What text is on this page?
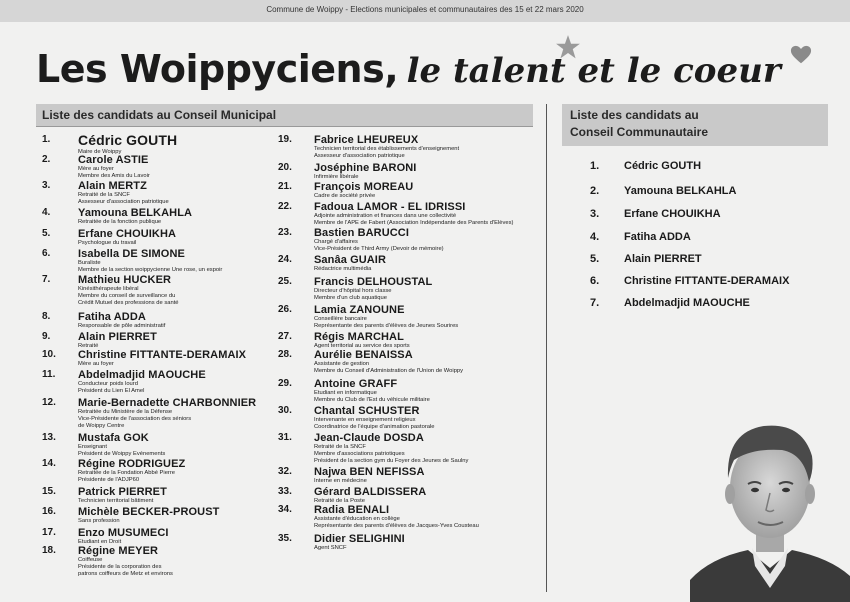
Commune de Woippy - Elections municipales et communautaires des 15 et 22 mars 2020
Les Woippyciens, le talent et le coeur
Liste des candidats au Conseil Municipal	Liste des candidats au
Conseil Communautaire
1. Cédric GOUTH
Maire de Woippy
2.	Carole ASTIE
Mère au foyer
Membre des Amis du Lavoir
3.	Alain MERTZ
Retraité de la SNCF
Assesseur d'association patriotique
4.	Yamouna BELKAHLA
Retraitée de la fonction publique
5.	Erfane CHOUIKHA
Psychologue du travail
6.	Isabella DE SIMONE
Buraliste
Membre de la section woippycienne Une rose, un espoir
7.	Mathieu HUCKER
Kinésithérapeute libéral
Membre du conseil de surveillance du
Crédit Mutuel des professions de santé
8.	Fatiha ADDA
Responsable de pôle administratif
9.	Alain PIERRET
Retraité
10. Christine FITTANTE-DERAMAIX
Mère au foyer
11. Abdelmadjid MAOUCHE
Conducteur poids lourd
Président du Lien El Amel
12. Marie-Bernadette CHARBONNIER
Retraitée du Ministère de la Défense
Vice-Présidente de l'association des séniors
de Woippy Centre
13. Mustafa GOK
Enseignant
Président de Woippy Evénements
14. Régine RODRIGUEZ
Retraitée de la Fondation Abbé Pierre
Présidente de l'ADJP60
15. Patrick PIERRET
Technicien territorial bâtiment
16. Michèle BECKER-PROUST
Sans profession
17. Enzo MUSUMECI
Etudiant en Droit
18. Régine MEYER
Coiffeuse
Présidente de la corporation des
patrons coiffeurs de Metz et environs
19. Fabrice LHEUREUX
Technicien territorial des établissements d'enseignement
Assesseur d'association patriotique
20. Joséphine BARONI
Infirmière libérale
21. François MOREAU
Cadre de société privée
22. Fadoua LAMOR - EL IDRISSI
Adjointe administration et finances dans une collectivité
Membre de l'APE de Fabert (Association Indépendante des Parents d'Elèves)
23. Bastien BARUCCI
Chargé d'affaires
Vice-Président de Third Army (Devoir de mémoire)
24. Sanâa GUAIR
Rédactrice multimédia
25. Francis DELHOUSTAL
Directeur d'hôpital hors classe
Membre d'un club aquatique
26. Lamia ZANOUNE
Conseillère bancaire
Représentante des parents d'élèves de Jeunes Sourires
27. Régis MARCHAL
Agent territorial au service des sports
28. Aurélie BENAISSA
Assistante de gestion
Membre du Conseil d'Administration de l'Union de Woippy
29. Antoine GRAFF
Etudiant en informatique
Membre du Club de l'Est du véhicule militaire
30. Chantal SCHUSTER
Intervenante en enseignement religieux
Coordinatrice de l'équipe d'animation pastorale
31. Jean-Claude DOSDA
Retraité de la SNCF
Membre d'associations patriotiques
Président de la section gym du Foyer des Jeunes de Saulny
32. Najwa BEN NEFISSA
Interne en médecine
33. Gérard BALDISSERA
Retraité de la Poste
34. Radia BENALI
Assistante d'éducation en collège
Représentante des parents d'élèves de Jacques-Yves Cousteau
35. Didier SELIGHINI
Agent SNCF
1. Cédric GOUTH
2. Yamouna BELKAHLA
3. Erfane CHOUIKHA
4. Fatiha ADDA
5. Alain PIERRET
6. Christine FITTANTE-DERAMAIX
7. Abdelmadjid MAOUCHE
